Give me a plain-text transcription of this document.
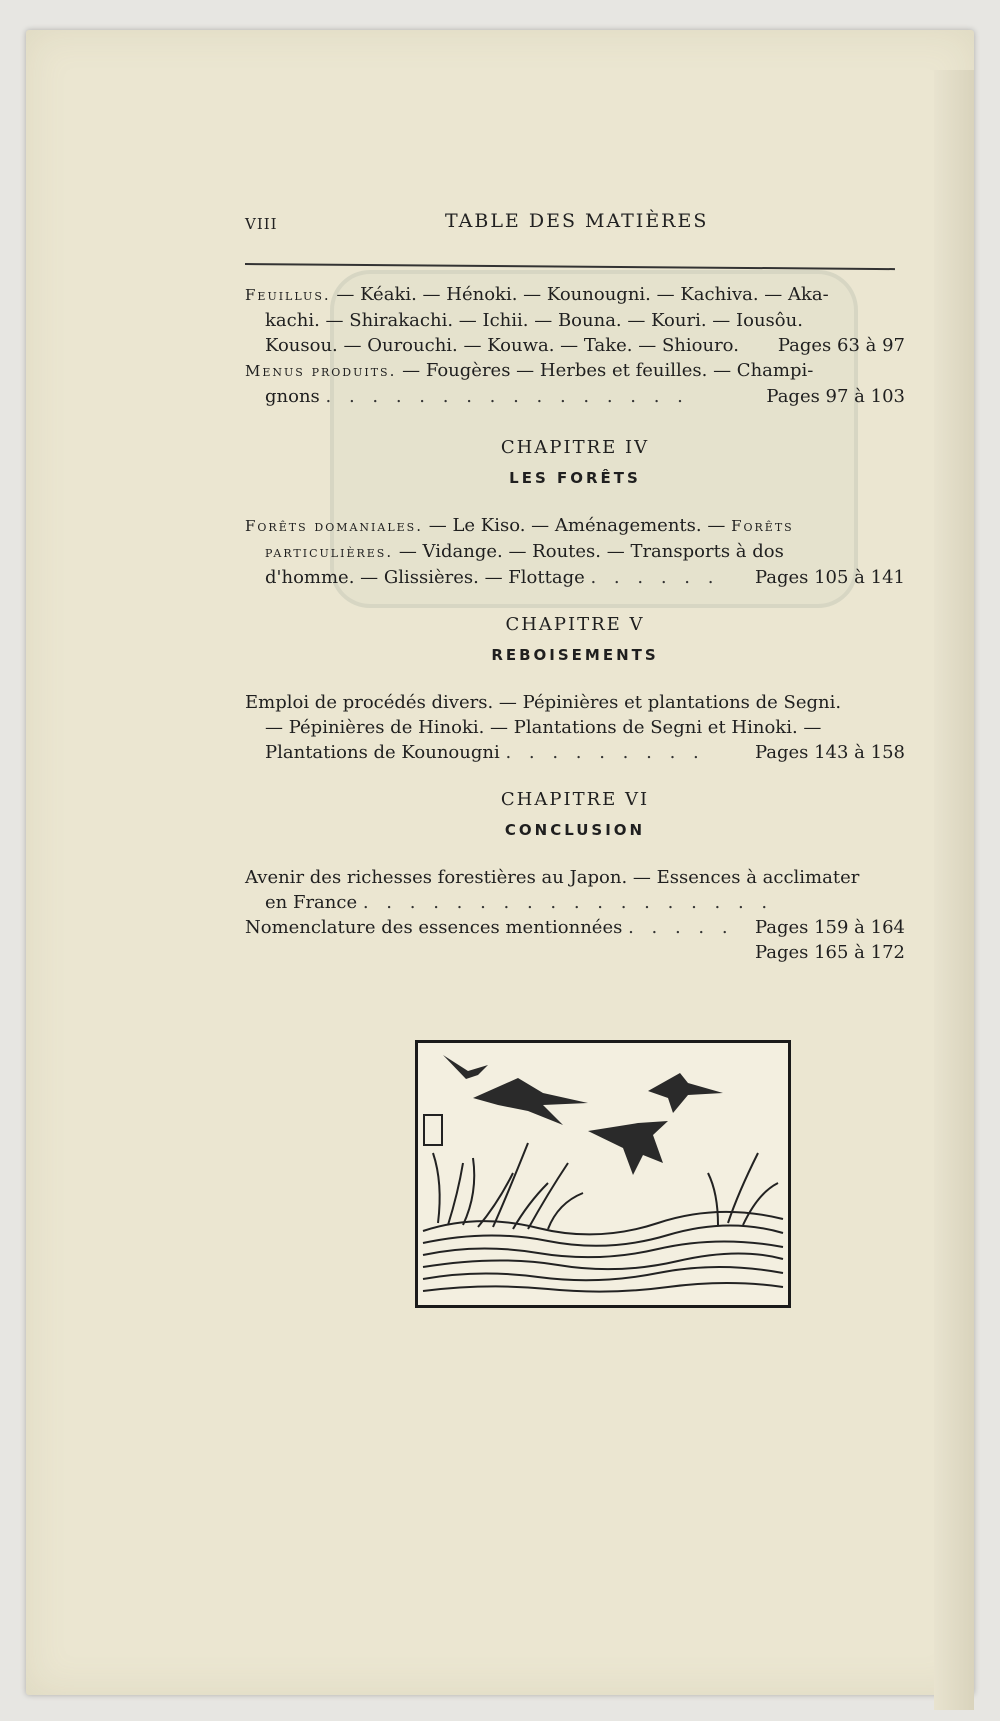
VIII	TABLE DES MATIÈRES

Feuillus. — Kéaki. — Hénoki. — Kounougni. — Kachiva. — Aka-

kachi. — Shirakachi. — Ichii. — Bouna. — Kouri. — Iousôu.

Kousou. — Ourouchi. — Kouwa. — Take. — Shiouro. Pages 63 à 97

Menus produits. — Fougères — Herbes et feuilles. — Champi-

gnons . . . . . . . . . . . . . . . .	Pages 97 à 103

CHAPITRE IV
LES FORÊTS

Forêts domaniales. — Le Kiso. — Aménagements. — Forêts

particulières. — Vidange. — Routes. — Transports à dos

d'homme. — Glissières. — Flottage . . . . . . Pages 105 à 141

CHAPITRE V
REBOISEMENTS

Emploi de procédés divers. — Pépinières et plantations de Segni.

— Pépinières de Hinoki. — Plantations de Segni et Hinoki. —

Plantations de Kounougni . . . . . . . . .	Pages 143 à 158

CHAPITRE VI
CONCLUSION

Avenir des richesses forestières au Japon. — Essences à acclimater

en France . . . . . . . . . . . . . . . . . .
Pages 159 à 164

Nomenclature des essences mentionnées . . . . .
Pages 165 à 172
